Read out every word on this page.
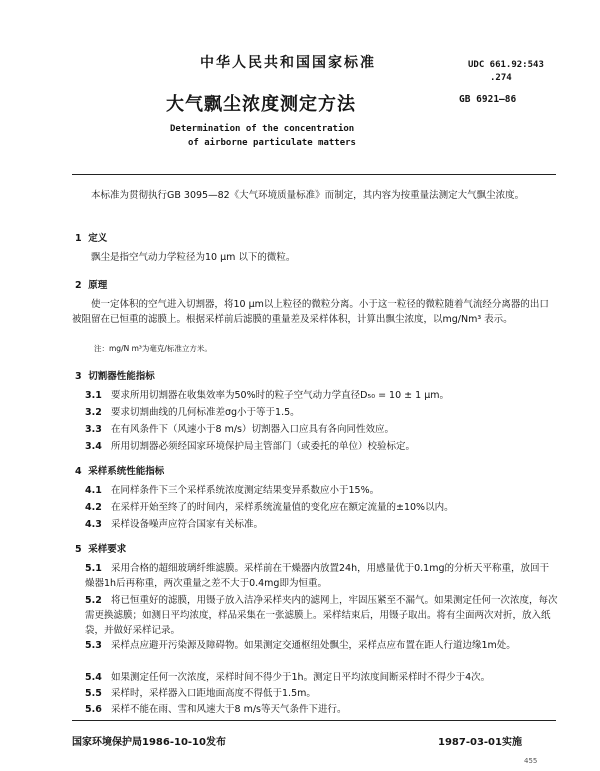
中华人民共和国国家标准	UDC 661.92:543
.274
大气飘尘浓度测定方法	GB 6921—86
Determination of the concentration
of airborne particulate matters
本标准为贯彻执行GB 3095—82《大气环境质量标准》而制定，其内容为按重量法测定大气飘尘浓度。
1 定义
飘尘是指空气动力学粒径为10 μm 以下的微粒。
2 原理
使一定体积的空气进入切割器，将10 μm以上粒径的微粒分离。小于这一粒径的微粒随着气流经分离器的出口被阻留在已恒重的滤膜上。根据采样前后滤膜的重量差及采样体积，计算出飘尘浓度，以mg/Nm³ 表示。
注：mg/N m³为毫克/标准立方米。
3 切割器性能指标
3.1 要求所用切割器在收集效率为50%时的粒子空气动力学直径D₅₀ = 10 ± 1 μm。
3.2 要求切割曲线的几何标准差σg小于等于1.5。
3.3 在有风条件下（风速小于8 m/s）切割器入口应具有各向同性效应。
3.4 所用切割器必须经国家环境保护局主管部门（或委托的单位）校验标定。
4 采样系统性能指标
4.1 在同样条件下三个采样系统浓度测定结果变异系数应小于15%。
4.2 在采样开始至终了的时间内，采样系统流量值的变化应在额定流量的±10%以内。
4.3 采样设备噪声应符合国家有关标准。
5 采样要求
5.1 采用合格的超细玻璃纤维滤膜。采样前在干燥器内放置24h，用感量优于0.1mg的分析天平称重，放回干燥器1h后再称重，两次重量之差不大于0.4mg即为恒重。
5.2 将已恒重好的滤膜，用镊子放入洁净采样夹内的滤网上，牢固压紧至不漏气。如果测定任何一次浓度，每次需更换滤膜；如测日平均浓度，样品采集在一张滤膜上。采样结束后，用镊子取出。将有尘面两次对折，放入纸袋，并做好采样记录。
5.3 采样点应避开污染源及障碍物。如果测定交通枢纽处飘尘，采样点应布置在距人行道边缘1m处。
5.4 如果测定任何一次浓度，采样时间不得少于1h。测定日平均浓度间断采样时不得少于4次。
5.5 采样时，采样器入口距地面高度不得低于1.5m。
5.6 采样不能在雨、雪和风速大于8 m/s等天气条件下进行。
国家环境保护局1986-10-10发布	1987-03-01实施
455
